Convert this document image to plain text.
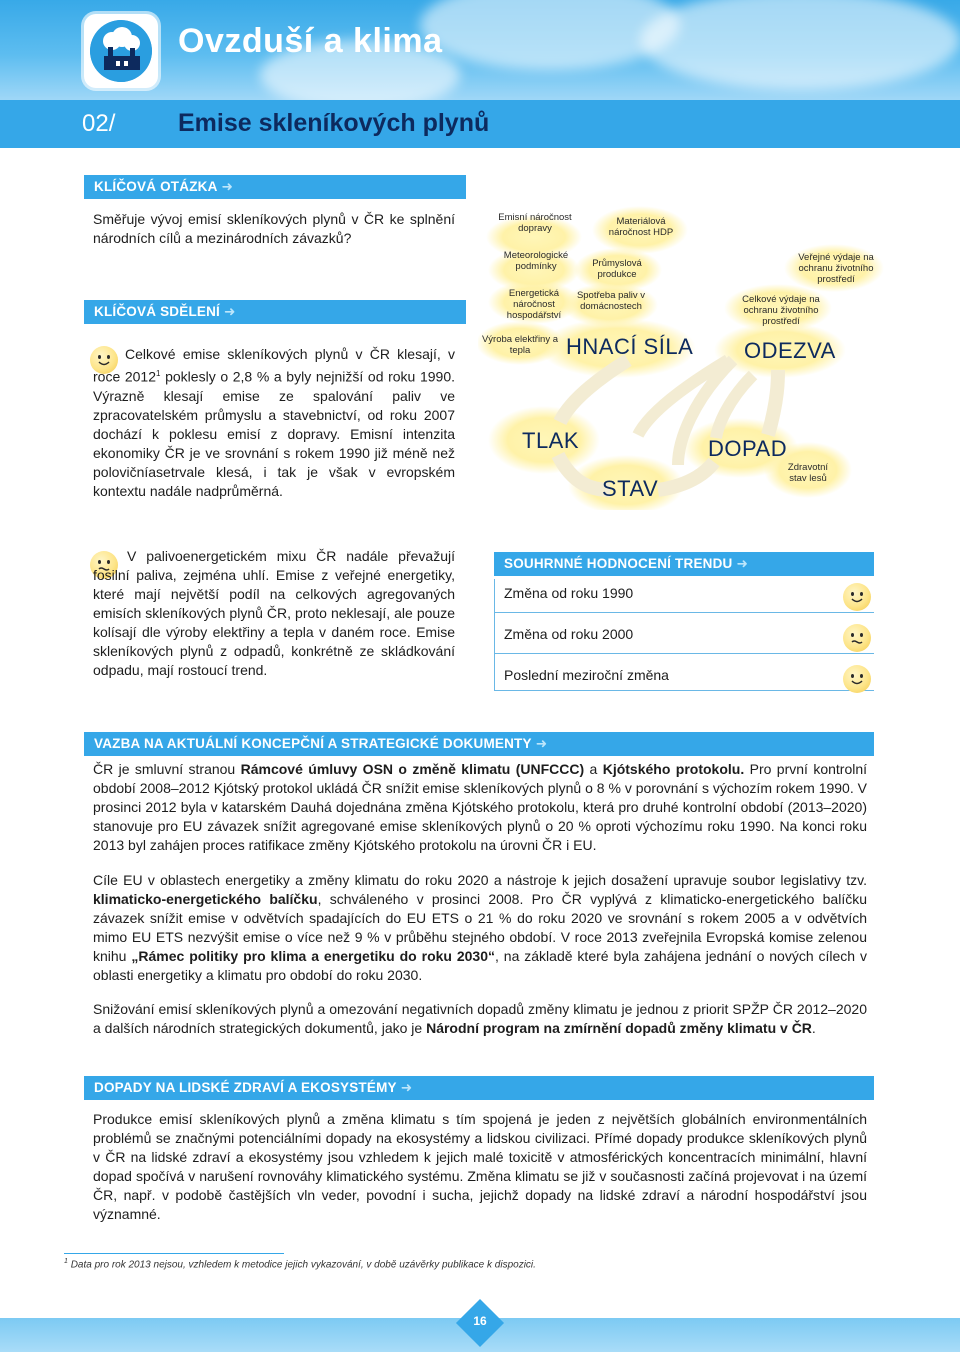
Ovzduší a klima
02/	Emise skleníkových plynů
KLÍČOVÁ OTÁZKA ➜
Směřuje vývoj emisí skleníkových plynů v ČR ke splnění národních cílů a mezinárodních závazků?
KLÍČOVÁ SDĚLENÍ ➜
Celkové emise skleníkových plynů v ČR klesají, v roce 2012$^1$ poklesly o 2,8 % a byly nejnižší od roku 1990. Výrazně klesají emise ze spalování paliv ve zpracovatelském průmyslu a stavebnictví, od roku 2007 dochází k poklesu emisí z dopravy. Emisní intenzita ekonomiky ČR je ve srovnání s rokem 1990 již méně než polovičníasetrvale klesá, i tak je však v evropském kontextu nadále nadprůměrná.
Emisní náročnost dopravy
Materiálová náročnost HDP
Meteorologické podmínky	Průmyslová produkce
Energetická náročnost hospodářství
Spotřeba paliv v domácnostech
Výroba elektřiny a tepla
Veřejné výdaje na ochranu životního prostředí
Celkové výdaje na ochranu životního prostředí
Zdravotní stav lesů
HNACÍ SÍLA
TLAK
STAV
DOPAD
ODEZVA
V palivoenergetickém mixu ČR nadále převažují fosilní paliva, zejména uhlí. Emise z veřejné energetiky, které mají největší podíl na celkových agregovaných emisích skleníkových plynů ČR, proto neklesají, ale pouze kolísají dle výroby elektřiny a tepla v daném roce. Emise skleníkových plynů z odpadů, konkrétně ze skládkování odpadu, mají rostoucí trend.
SOUHRNNÉ HODNOCENÍ TRENDU ➜
Změna od roku 1990
Změna od roku 2000
Poslední meziroční změna
VAZBA NA AKTUÁLNÍ KONCEPČNÍ A STRATEGICKÉ DOKUMENTY ➜
ČR je smluvní stranou Rámcové úmluvy OSN o změně klimatu (UNFCCC) a Kjótského protokolu. Pro první kontrolní období 2008–2012 Kjótský protokol ukládá ČR snížit emise skleníkových plynů o 8 % v porovnání s výchozím rokem 1990. V prosinci 2012 byla v katarském Dauhá dojednána změna Kjótského protokolu, která pro druhé kontrolní období (2013–2020) stanovuje pro EU závazek snížit agregované emise skleníkových plynů o 20 % oproti výchozímu roku 1990. Na konci roku 2013 byl zahájen proces ratifikace změny Kjótského protokolu na úrovni ČR i EU.
Cíle EU v oblastech energetiky a změny klimatu do roku 2020 a nástroje k jejich dosažení upravuje soubor legislativy tzv. klimaticko-energetického balíčku, schváleného v prosinci 2008. Pro ČR vyplývá z klimaticko-energetického balíčku závazek snížit emise v odvětvích spadajících do EU ETS o 21 % do roku 2020 ve srovnání s rokem 2005 a v odvětvích mimo EU ETS nezvýšit emise o více než 9 % v průběhu stejného období. V roce 2013 zveřejnila Evropská komise zelenou knihu „Rámec politiky pro klima a energetiku do roku 2030“, na základě které byla zahájena jednání o nových cílech v oblasti energetiky a klimatu pro období do roku 2030.
Snižování emisí skleníkových plynů a omezování negativních dopadů změny klimatu je jednou z priorit SPŽP ČR 2012–2020 a dalších národních strategických dokumentů, jako je Národní program na zmírnění dopadů změny klimatu v ČR.
DOPADY NA LIDSKÉ ZDRAVÍ A EKOSYSTÉMY ➜
Produkce emisí skleníkových plynů a změna klimatu s tím spojená je jeden z největších globálních environmentálních problémů se značnými potenciálními dopady na ekosystémy a lidskou civilizaci. Přímé dopady produkce skleníkových plynů v ČR na lidské zdraví a ekosystémy jsou vzhledem k jejich malé toxicitě v atmosférických koncentracích minimální, hlavní dopad spočívá v narušení rovnováhy klimatického systému. Změna klimatu se již v současnosti začíná projevovat i na území ČR, např. v podobě častějších vln veder, povodní i sucha, jejichž dopady na lidské zdraví a národní hospodářství jsou významné.
$^1$ Data pro rok 2013 nejsou, vzhledem k metodice jejich vykazování, v době uzávěrky publikace k dispozici.
16
